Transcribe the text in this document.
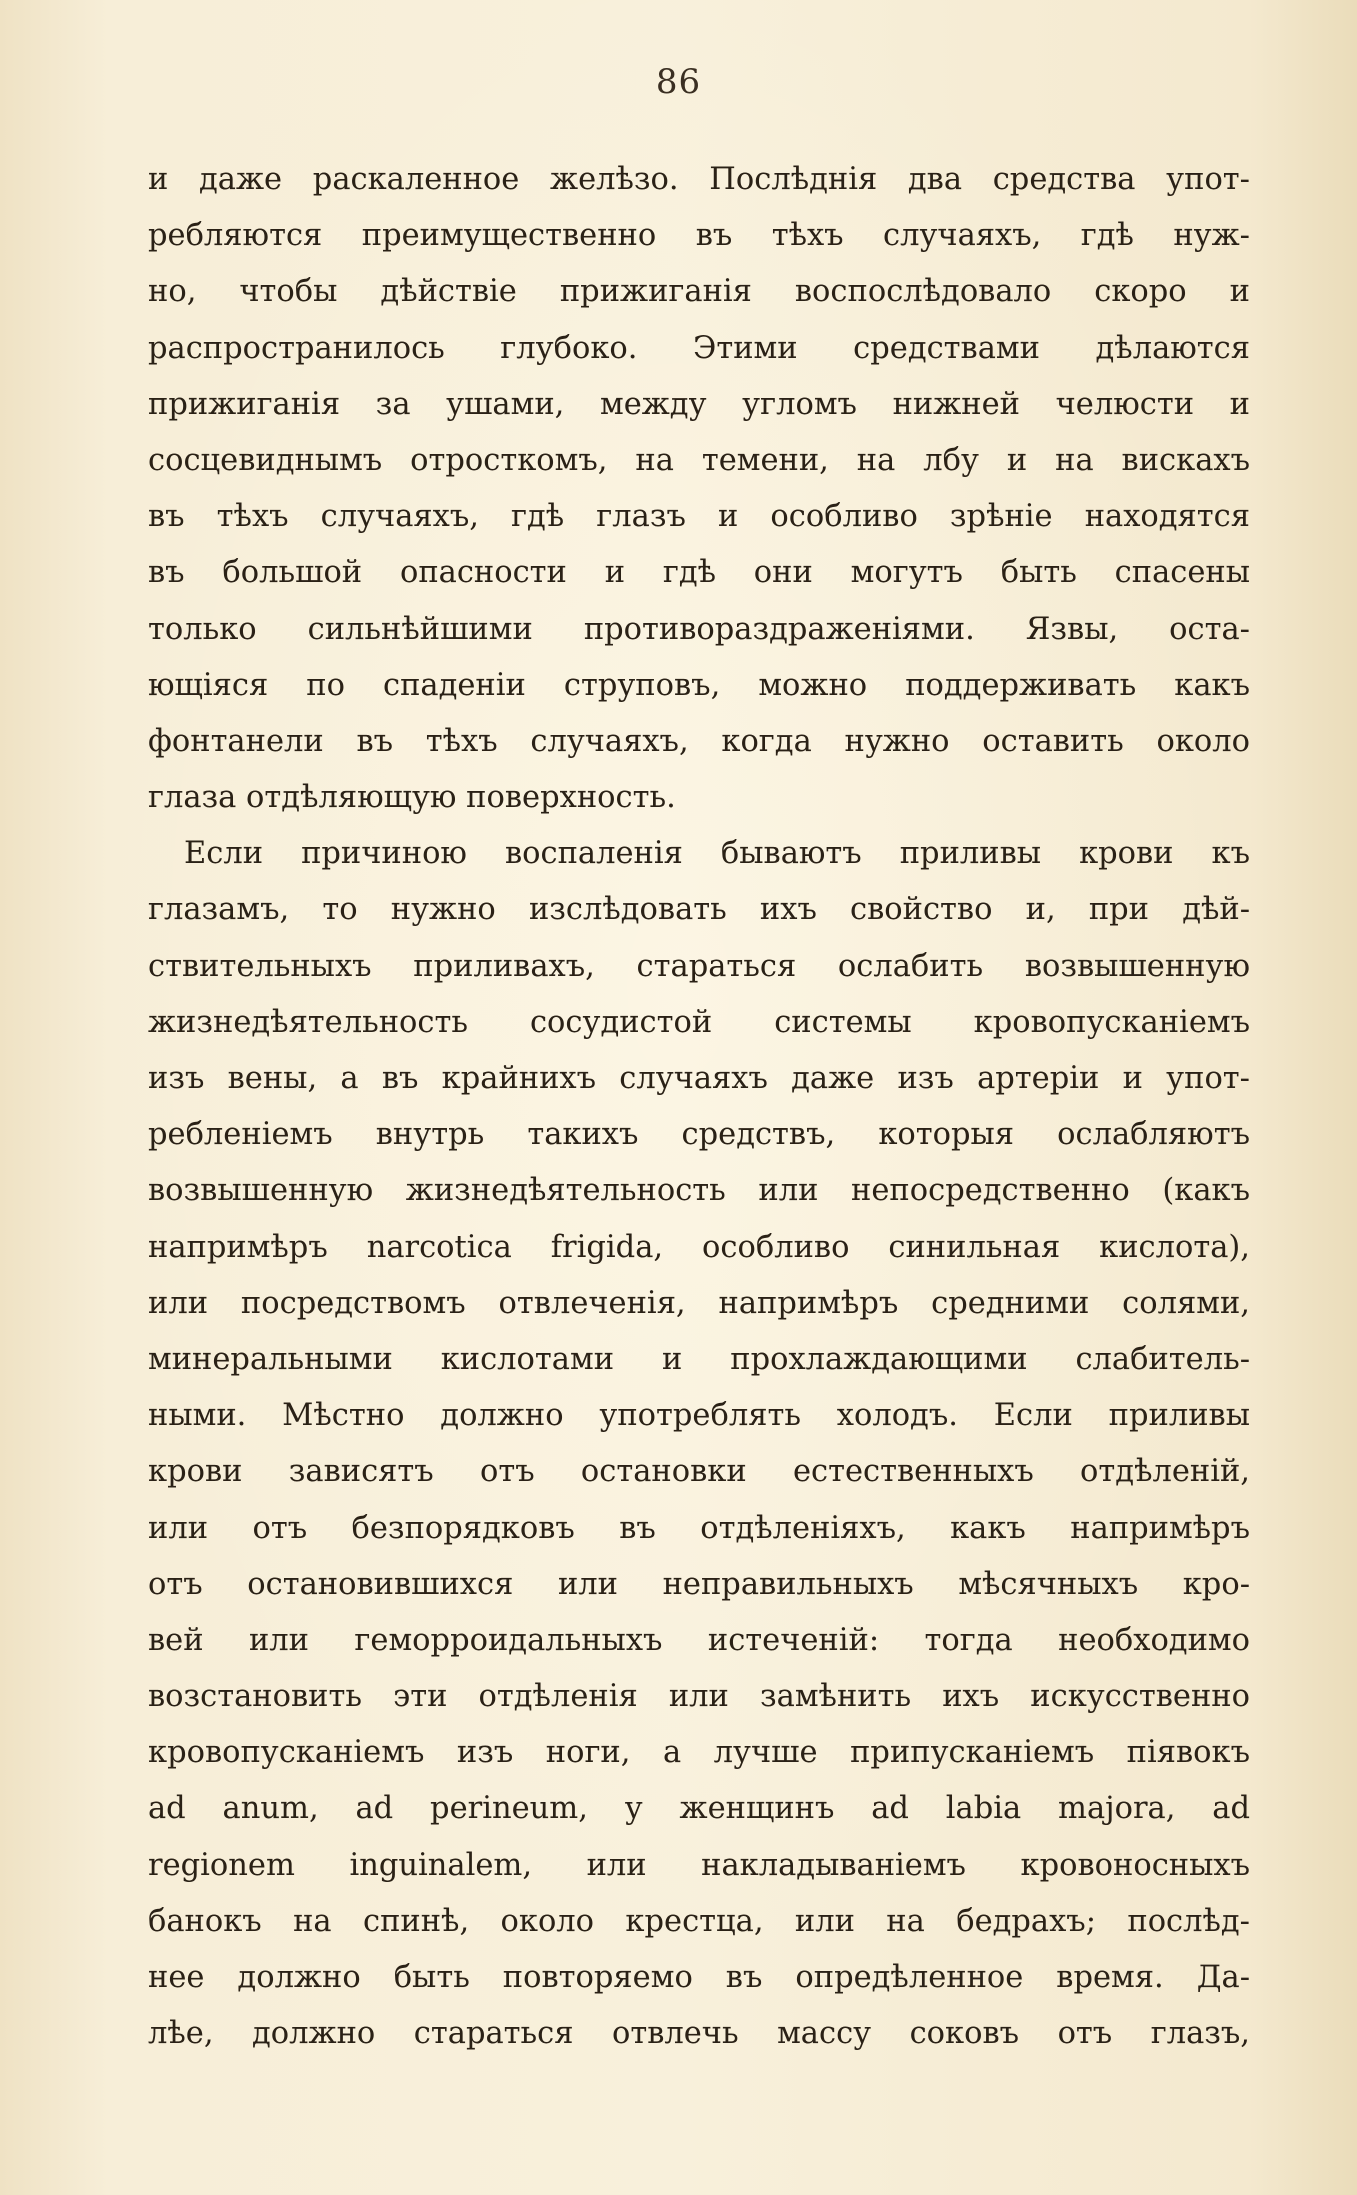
86
и даже раскаленное желѣзо. Послѣднія два средства упот-
ребляются преимущественно въ тѣхъ случаяхъ, гдѣ нуж-
но, чтобы дѣйствіе прижиганія воспослѣдовало скоро и
распространилось глубоко. Этими средствами дѣлаются
прижиганія за ушами, между угломъ нижней челюсти и
сосцевиднымъ отросткомъ, на темени, на лбу и на вискахъ
въ тѣхъ случаяхъ, гдѣ глазъ и особливо зрѣніе находятся
въ большой опасности и гдѣ они могутъ быть спасены
только сильнѣйшими противораздраженіями. Язвы, оста-
ющіяся по спаденіи струповъ, можно поддерживать какъ
фонтанели въ тѣхъ случаяхъ, когда нужно оставить около
глаза отдѣляющую поверхность.
Если причиною воспаленія бываютъ приливы крови къ
глазамъ, то нужно изслѣдовать ихъ свойство и, при дѣй-
ствительныхъ приливахъ, стараться ослабить возвышенную
жизнедѣятельность сосудистой системы кровопусканіемъ
изъ вены, а въ крайнихъ случаяхъ даже изъ артеріи и упот-
ребленіемъ внутрь такихъ средствъ, которыя ослабляютъ
возвышенную жизнедѣятельность или непосредственно (какъ
напримѣръ narcotica frigida, особливо синильная кислота),
или посредствомъ отвлеченія, напримѣръ средними солями,
минеральными кислотами и прохлаждающими слабитель-
ными. Мѣстно должно употреблять холодъ. Если приливы
крови зависятъ отъ остановки естественныхъ отдѣленій,
или отъ безпорядковъ въ отдѣленіяхъ, какъ напримѣръ
отъ остановившихся или неправильныхъ мѣсячныхъ кро-
вей или геморроидальныхъ истеченій: тогда необходимо
возстановить эти отдѣленія или замѣнить ихъ искусственно
кровопусканіемъ изъ ноги, а лучше припусканіемъ піявокъ
ad anum, ad perineum, у женщинъ ad labia majora, ad
regionem inguinalem, или накладываніемъ кровоносныхъ
банокъ на спинѣ, около крестца, или на бедрахъ; послѣд-
нее должно быть повторяемо въ опредѣленное время. Да-
лѣе, должно стараться отвлечь массу соковъ отъ глазъ,
